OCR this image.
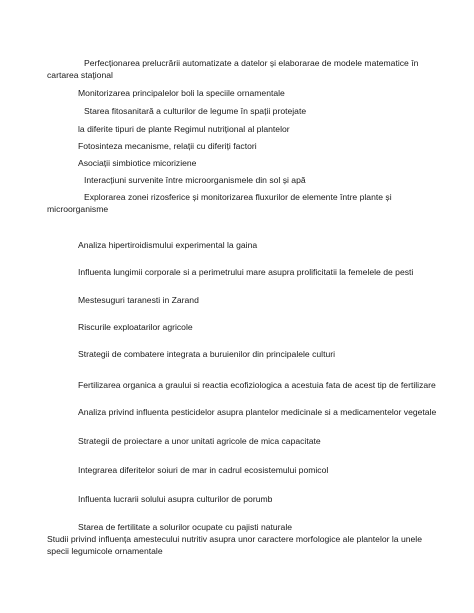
Perfecționarea prelucrării automatizate a datelor și elaborarae de modele matematice în

cartarea staţional

Monitorizarea principalelor boli la speciile ornamentale

Starea fitosanitară a culturilor de legume în spații protejate

la diferite tipuri de plante Regimul nutrițional al plantelor

Fotosinteza mecanisme, relații cu diferiți factori

Asociații simbiotice micoriziene

Interacțiuni survenite între microorganismele din sol și apă

Explorarea zonei rizosferice și monitorizarea fluxurilor de elemente între plante și

microorganisme

Analiza hipertiroidismului experimental la gaina

Influenta lungimii corporale si a perimetrului mare asupra prolificitatii la femelele de pesti

Mestesuguri taranesti in Zarand

Riscurile exploatarilor agricole

Strategii de combatere integrata a buruienilor din principalele culturi

Fertilizarea organica a graului si reactia ecofiziologica a acestuia fata de acest tip de fertilizare

Analiza privind influenta pesticidelor asupra plantelor medicinale si a medicamentelor vegetale

Strategii de proiectare a unor unitati agricole de mica capacitate

Integrarea diferitelor soiuri de mar in cadrul ecosistemului pomicol

Influenta lucrarii solului asupra culturilor de porumb

Starea de fertilitate a solurilor ocupate cu pajisti naturale

Studii privind influența amestecului nutritiv asupra unor caractere morfologice ale plantelor la unele

specii legumicole ornamentale
